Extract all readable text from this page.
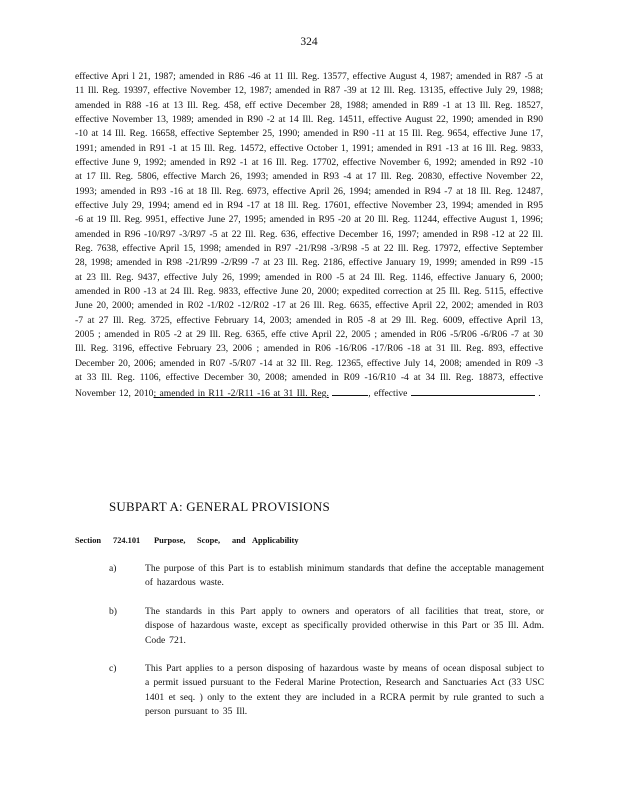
324
effective Apri l 21, 1987; amended in R86 -46 at 11 Ill. Reg. 13577, effective August 4, 1987; amended in R87 -5 at 11 Ill. Reg. 19397, effective November 12, 1987; amended in R87 -39 at 12 Ill. Reg. 13135, effective July 29, 1988; amended in R88 -16 at 13 Ill. Reg. 458, eff ective December 28, 1988; amended in R89 -1 at 13 Ill. Reg. 18527, effective November 13, 1989; amended in R90 -2 at 14 Ill. Reg. 14511, effective August 22, 1990; amended in R90 -10 at 14 Ill. Reg. 16658, effective September 25, 1990; amended in R90 -11 at 15 Ill. Reg. 9654, effective June 17, 1991; amended in R91 -1 at 15 Ill. Reg. 14572, effective October 1, 1991; amended in R91 -13 at 16 Ill. Reg. 9833, effective June 9, 1992; amended in R92 -1 at 16 Ill. Reg. 17702, effective November 6, 1992; amended in R92 -10 at 17 Ill. Reg. 5806, effective March 26, 1993; amended in R93 -4 at 17 Ill. Reg. 20830, effective November 22, 1993; amended in R93 -16 at 18 Ill. Reg. 6973, effective April 26, 1994; amended in R94 -7 at 18 Ill. Reg. 12487, effective July 29, 1994; amend ed in R94 -17 at 18 Ill. Reg. 17601, effective November 23, 1994; amended in R95 -6 at 19 Ill. Reg. 9951, effective June 27, 1995; amended in R95 -20 at 20 Ill. Reg. 11244, effective August 1, 1996; amended in R96 -10/R97 -3/R97 -5 at 22 Ill. Reg. 636, effective December 16, 1997; amended in R98 -12 at 22 Ill. Reg. 7638, effective April 15, 1998; amended in R97 -21/R98 -3/R98 -5 at 22 Ill. Reg. 17972, effective September 28, 1998; amended in R98 -21/R99 -2/R99 -7 at 23 Ill. Reg. 2186, effective January 19, 1999; amended in R99 -15 at 23 Ill. Reg. 9437, effective July 26, 1999; amended in R00 -5 at 24 Ill. Reg. 1146, effective January 6, 2000; amended in R00 -13 at 24 Ill. Reg. 9833, effective June 20, 2000; expedited correction at 25 Ill. Reg. 5115, effective June 20, 2000; amended in R02 -1/R02 -12/R02 -17 at 26 Ill. Reg. 6635, effective April 22, 2002; amended in R03 -7 at 27 Ill. Reg. 3725, effective February 14, 2003; amended in R05 -8 at 29 Ill. Reg. 6009, effective April 13, 2005 ; amended in R05 -2 at 29 Ill. Reg. 6365, effe ctive April 22, 2005 ; amended in R06 -5/R06 -6/R06 -7 at 30 Ill. Reg. 3196, effective February 23, 2006 ; amended in R06 -16/R06 -17/R06 -18 at 31 Ill. Reg. 893, effective December 20, 2006; amended in R07 -5/R07 -14 at 32 Ill. Reg. 12365, effective July 14, 2008; amended in R09 -3 at 33 Ill. Reg. 1106, effective December 30, 2008; amended in R09 -16/R10 -4 at 34 Ill. Reg. 18873, effective November 12, 2010; amended in R11 -2/R11 -16 at 31 Ill. Reg.	, effective	.
SUBPART A: GENERAL PROVISIONS
Section	724.101	Purpose,	Scope,	and Applicability
a)	The purpose of this Part is to establish minimum standards that define the acceptable management of hazardous waste.
b)	The standards in this Part apply to owners and operators of all facilities that treat, store, or dispose of hazardous waste, except as specifically provided otherwise in this Part or 35 Ill. Adm. Code 721.
c)	This Part applies to a person disposing of hazardous waste by means of ocean disposal subject to a permit issued pursuant to the Federal Marine Protection, Research and Sanctuaries Act (33 USC 1401 et seq. ) only to the extent they are included in a RCRA permit by rule granted to such a person pursuant to 35 Ill.
